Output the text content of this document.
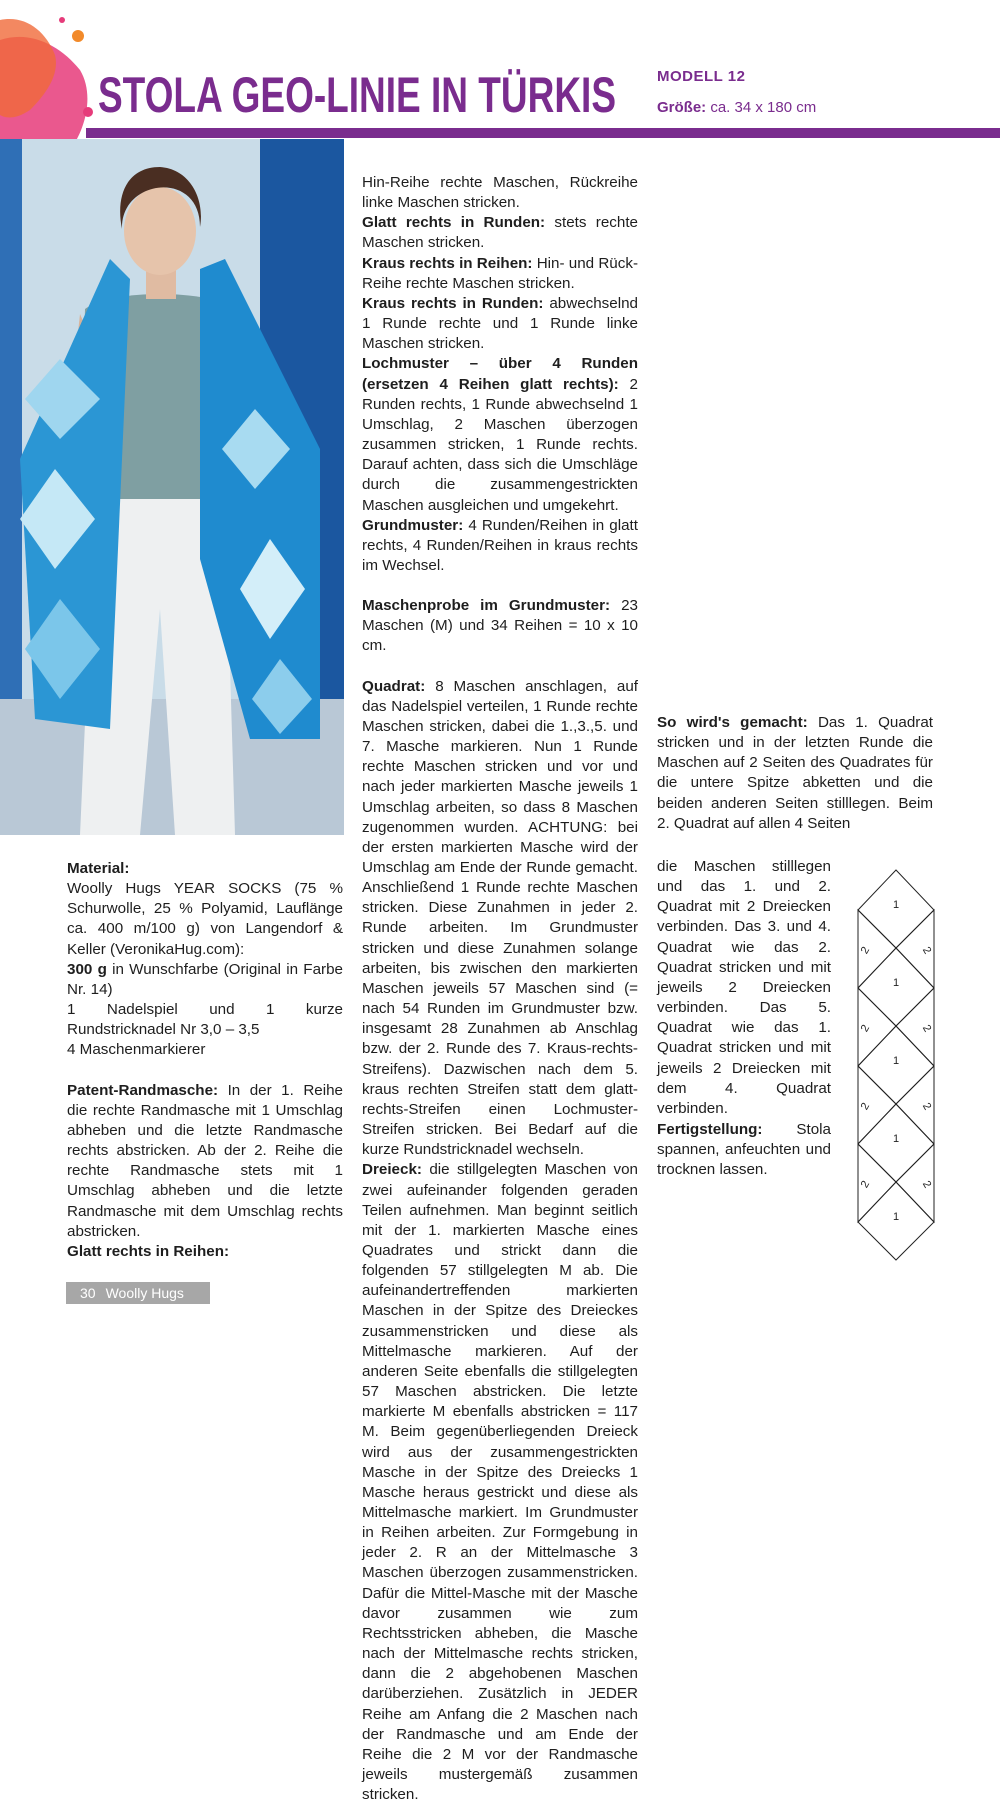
STOLA GEO-LINIE IN TÜRKIS	MODELL 12
Größe: ca. 34 x 180 cm

Material:

Woolly Hugs YEAR SOCKS (75 % Schurwolle, 25 % Polyamid, Lauflänge ca. 400 m/100 g) von Langendorf & Keller (VeronikaHug.com):

300 g in Wunschfarbe (Original in Farbe Nr. 14)

1 Nadelspiel und 1 kurze Rundstricknadel Nr 3,0 – 3,5

4 Maschenmarkierer

Patent-Randmasche: In der 1. Reihe die rechte Randmasche mit 1 Umschlag abheben und die letzte Randmasche rechts abstricken. Ab der 2. Reihe die rechte Randmasche stets mit 1 Umschlag abheben und die letzte Randmasche mit dem Umschlag rechts abstricken.

Glatt rechts in Reihen:

Hin-Reihe rechte Maschen, Rückreihe linke Maschen stricken.

Glatt rechts in Runden: stets rechte Maschen stricken.

Kraus rechts in Reihen: Hin- und Rück-Reihe rechte Maschen stricken.

Kraus rechts in Runden: abwechselnd 1 Runde rechte und 1 Runde linke Maschen stricken.

Lochmuster – über 4 Runden (ersetzen 4 Reihen glatt rechts): 2 Runden rechts, 1 Runde abwechselnd 1 Umschlag, 2 Maschen überzogen zusammen stricken, 1 Runde rechts. Darauf achten, dass sich die Umschläge durch die zusammengestrickten Maschen ausgleichen und umgekehrt.

Grundmuster: 4 Runden/Reihen in glatt rechts, 4 Runden/Reihen in kraus rechts im Wechsel.

Maschenprobe im Grundmuster: 23 Maschen (M) und 34 Reihen = 10 x 10 cm.

Quadrat: 8 Maschen anschlagen, auf das Nadelspiel verteilen, 1 Runde rechte Maschen stricken, dabei die 1.,3.,5. und 7. Masche markieren. Nun 1 Runde rechte Maschen stricken und vor und nach jeder markierten Masche jeweils 1 Umschlag arbeiten, so dass 8 Maschen zugenommen wurden. ACHTUNG: bei der ersten markierten Masche wird der Umschlag am Ende der Runde gemacht. Anschließend 1 Runde rechte Maschen stricken. Diese Zunahmen in jeder 2. Runde arbeiten. Im Grundmuster stricken und diese Zunahmen solange arbeiten, bis zwischen den markierten Maschen jeweils 57 Maschen sind (= nach 54 Runden im Grundmuster bzw. insgesamt 28 Zunahmen ab Anschlag bzw. der 2. Runde des 7. Kraus-rechts-Streifens). Dazwischen nach dem 5. kraus rechten Streifen statt dem glatt-rechts-Streifen einen Lochmuster-Streifen stricken. Bei Bedarf auf die kurze Rundstricknadel wechseln.

Dreieck: die stillgelegten Maschen von zwei aufeinander folgenden geraden Teilen aufnehmen. Man beginnt seitlich mit der 1. markierten Masche eines Quadrates und strickt dann die folgenden 57 stillgelegten M ab. Die aufeinandertreffenden markierten Maschen in der Spitze des Dreieckes zusammenstricken und diese als Mittelmasche markieren. Auf der anderen Seite ebenfalls die stillgelegten 57 Maschen abstricken. Die letzte markierte M ebenfalls abstricken = 117 M. Beim gegenüberliegenden Dreieck wird aus der zusammengestrickten Masche in der Spitze des Dreiecks 1 Masche heraus gestrickt und diese als Mittelmasche markiert. Im Grundmuster in Reihen arbeiten. Zur Formgebung in jeder 2. R an der Mittelmasche 3 Maschen überzogen zusammenstricken. Dafür die Mittel-Masche mit der Masche davor zusammen wie zum Rechtsstricken abheben, die Masche nach der Mittelmasche rechts stricken, dann die 2 abgehobenen Maschen darüberziehen. Zusätzlich in JEDER Reihe am Anfang die 2 Maschen nach der Randmasche und am Ende der Reihe die 2 M vor der Randmasche jeweils mustergemäß zusammen stricken.

So wird's gemacht: Das 1. Quadrat stricken und in der letzten Runde die Maschen auf 2 Seiten des Quadrates für die untere Spitze abketten und die beiden anderen Seiten stilllegen. Beim 2. Quadrat auf allen 4 Seiten

die Maschen stilllegen und das 1. und 2. Quadrat mit 2 Dreiecken verbinden. Das 3. und 4. Quadrat wie das 2. Quadrat stricken und mit jeweils 2 Dreiecken verbinden. Das 5. Quadrat wie das 1. Quadrat stricken und mit jeweils 2 Dreiecken mit dem 4. Quadrat verbinden.

Fertigstellung: Stola spannen, anfeuchten und trocknen lassen.

1
1
1
1
1
2	2
2	2
2	2
2	2
30 Woolly Hugs
